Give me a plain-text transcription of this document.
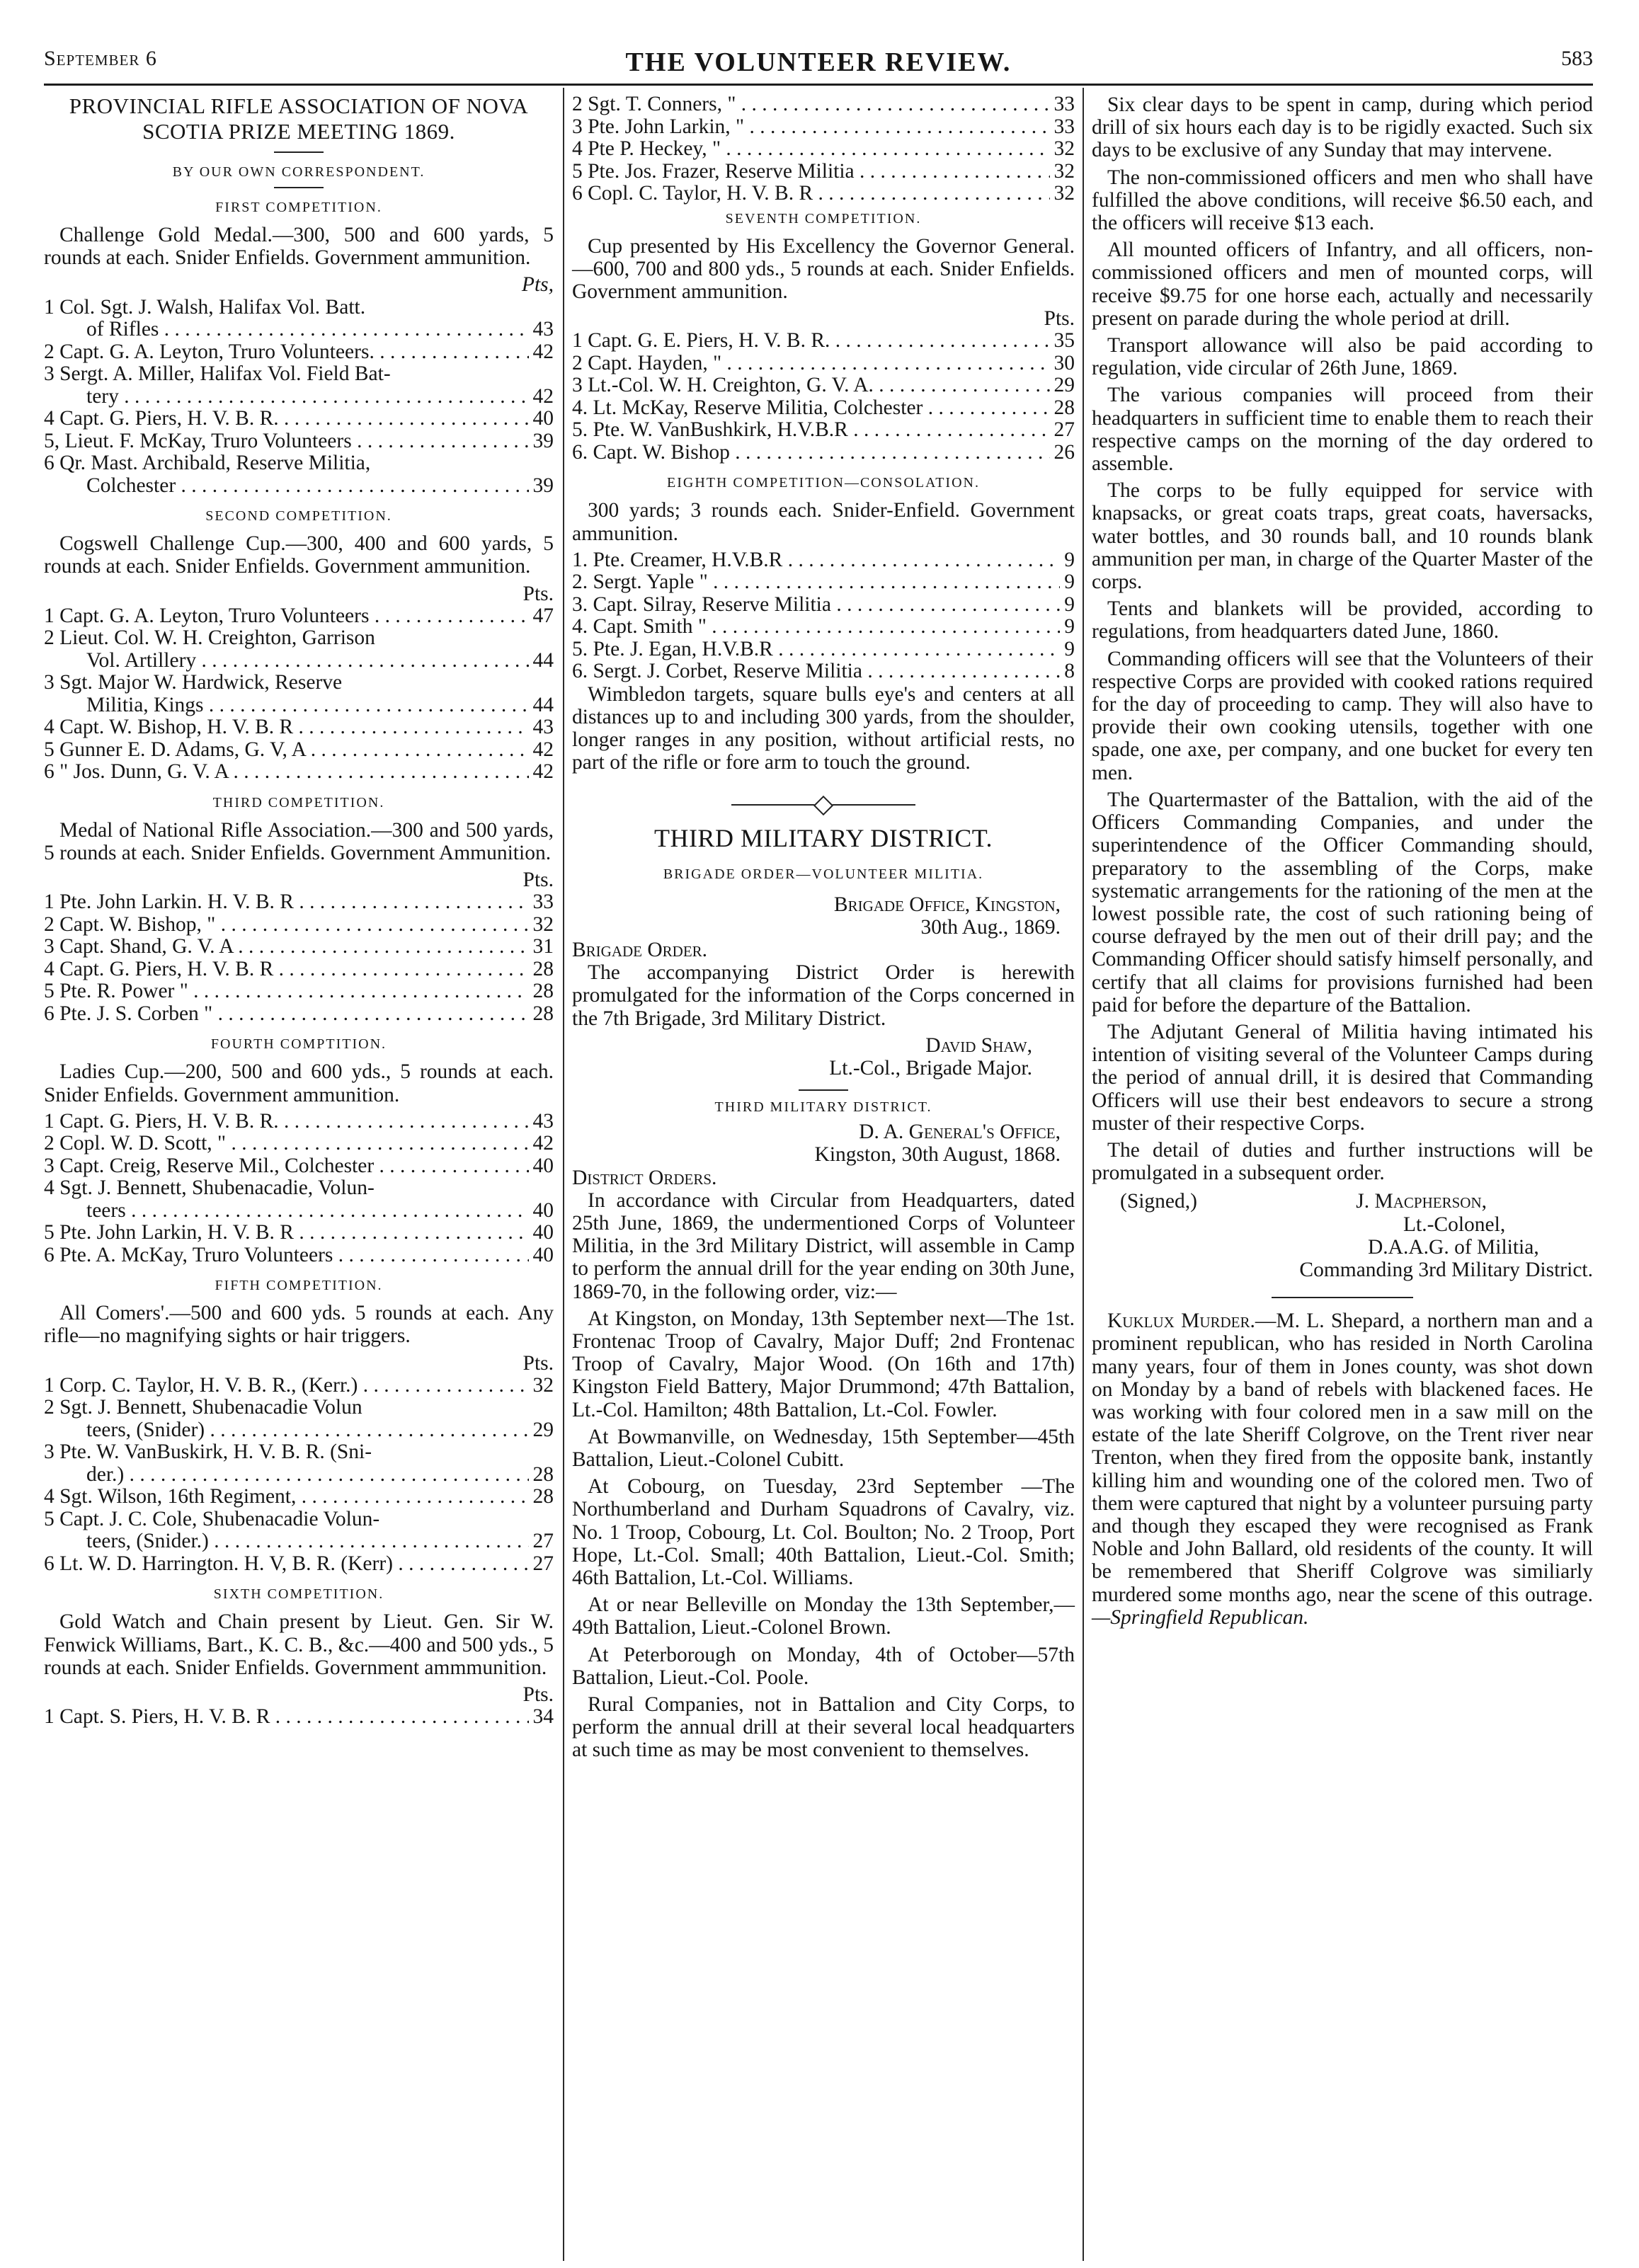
September 6	THE VOLUNTEER REVIEW.	583
PROVINCIAL RIFLE ASSOCIATION OF NOVA SCOTIA PRIZE MEETING 1869.
BY OUR OWN CORRESPONDENT.
FIRST COMPETITION.

Challenge Gold Medal.—300, 500 and 600 yards, 5 rounds at each. Snider Enfields. Government ammunition.

Pts,
1 Col. Sgt. J. Walsh, Halifax Vol. Batt.
of Rifles . . .	43
2 Capt. G. A. Leyton, Truro Volunteers. . . .	42
3 Sergt. A. Miller, Halifax Vol. Field Bat-
tery . . .	42
4 Capt. G. Piers, H. V. B. R. . . .	40
5, Lieut. F. McKay, Truro Volunteers . . .	39
6 Qr. Mast. Archibald, Reserve Militia,
Colchester . . .	39
SECOND COMPETITION.

Cogswell Challenge Cup.—300, 400 and 600 yards, 5 rounds at each. Snider Enfields. Government ammunition.

Pts.
1 Capt. G. A. Leyton, Truro Volunteers . . .	47
2 Lieut. Col. W. H. Creighton, Garrison
Vol. Artillery . . .	44
3 Sgt. Major W. Hardwick, Reserve
Militia, Kings . . .	44
4 Capt. W. Bishop, H. V. B. R . . .	43
5 Gunner E. D. Adams, G. V, A . . .	42
6 " Jos. Dunn, G. V. A . . .	42
THIRD COMPETITION.

Medal of National Rifle Association.—300 and 500 yards, 5 rounds at each. Snider Enfields. Government Ammunition.

Pts.
1 Pte. John Larkin. H. V. B. R . . .	33
2 Capt. W. Bishop, " . . .	32
3 Capt. Shand, G. V. A . . .	31
4 Capt. G. Piers, H. V. B. R . . .	28
5 Pte. R. Power " . . .	28
6 Pte. J. S. Corben " . . .	28
FOURTH COMPTITION.

Ladies Cup.—200, 500 and 600 yds., 5 rounds at each. Snider Enfields. Government ammunition.

1 Capt. G. Piers, H. V. B. R. . . .	43
2 Copl. W. D. Scott, " . . .	42
3 Capt. Creig, Reserve Mil., Colchester . . .	40
4 Sgt. J. Bennett, Shubenacadie, Volun-
teers . . .	40
5 Pte. John Larkin, H. V. B. R . . .	40
6 Pte. A. McKay, Truro Volunteers . . .	40
FIFTH COMPETITION.

All Comers'.—500 and 600 yds. 5 rounds at each. Any rifle—no magnifying sights or hair triggers.

Pts.
1 Corp. C. Taylor, H. V. B. R., (Kerr.) . . .	32
2 Sgt. J. Bennett, Shubenacadie Volun
teers, (Snider) . . .	29
3 Pte. W. VanBuskirk, H. V. B. R. (Sni-
der.) . . .	28
4 Sgt. Wilson, 16th Regiment, . . .	28
5 Capt. J. C. Cole, Shubenacadie Volun-
teers, (Snider.) . . .	27
6 Lt. W. D. Harrington. H. V, B. R. (Kerr) . . .	27
SIXTH COMPETITION.

Gold Watch and Chain present by Lieut. Gen. Sir W. Fenwick Williams, Bart., K. C. B., &c.—400 and 500 yds., 5 rounds at each. Snider Enfields. Government ammmunition.

Pts.
1 Capt. S. Piers, H. V. B. R . . .	34
2 Sgt. T. Conners, " . . .	33
3 Pte. John Larkin, " . . .	33
4 Pte P. Heckey, " . . .	32
5 Pte. Jos. Frazer, Reserve Militia . . .	32
6 Copl. C. Taylor, H. V. B. R . . .	32
SEVENTH COMPETITION.

Cup presented by His Excellency the Governor General.—600, 700 and 800 yds., 5 rounds at each. Snider Enfields. Government ammunition.

Pts.
1 Capt. G. E. Piers, H. V. B. R. . . .	35
2 Capt. Hayden, " . . .	30
3 Lt.-Col. W. H. Creighton, G. V. A. . . .	29
4. Lt. McKay, Reserve Militia, Colchester . . .	28
5. Pte. W. VanBushkirk, H.V.B.R . . .	27
6. Capt. W. Bishop . . .	26
EIGHTH COMPETITION—CONSOLATION.

300 yards; 3 rounds each. Snider-Enfield. Government ammunition.

1. Pte. Creamer, H.V.B.R . . .	9
2. Sergt. Yaple " . . .	9
3. Capt. Silray, Reserve Militia . . .	9
4. Capt. Smith " . . .	9
5. Pte. J. Egan, H.V.B.R . . .	9
6. Sergt. J. Corbet, Reserve Militia . . .	8

Wimbledon targets, square bulls eye's and centers at all distances up to and including 300 yards, from the shoulder, longer ranges in any position, without artificial rests, no part of the rifle or fore arm to touch the ground.

THIRD MILITARY DISTRICT.
BRIGADE ORDER—VOLUNTEER MILITIA.
Brigade Office, Kingston,
30th Aug., 1869.
Brigade Order.

The accompanying District Order is herewith promulgated for the information of the Corps concerned in the 7th Brigade, 3rd Military District.

David Shaw,
Lt.-Col., Brigade Major.
THIRD MILITARY DISTRICT.
D. A. General's Office,
Kingston, 30th August, 1868.
District Orders.

In accordance with Circular from Headquarters, dated 25th June, 1869, the undermentioned Corps of Volunteer Militia, in the 3rd Military District, will assemble in Camp to perform the annual drill for the year ending on 30th June, 1869-70, in the following order, viz:—

At Kingston, on Monday, 13th September next—The 1st. Frontenac Troop of Cavalry, Major Duff; 2nd Frontenac Troop of Cavalry, Major Wood. (On 16th and 17th) Kingston Field Battery, Major Drummond; 47th Battalion, Lt.-Col. Hamilton; 48th Battalion, Lt.-Col. Fowler.

At Bowmanville, on Wednesday, 15th September—45th Battalion, Lieut.-Colonel Cubitt.

At Cobourg, on Tuesday, 23rd September —The Northumberland and Durham Squadrons of Cavalry, viz. No. 1 Troop, Cobourg, Lt. Col. Boulton; No. 2 Troop, Port Hope, Lt.-Col. Small; 40th Battalion, Lieut.-Col. Smith; 46th Battalion, Lt.-Col. Williams.

At or near Belleville on Monday the 13th September,—49th Battalion, Lieut.-Colonel Brown.

At Peterborough on Monday, 4th of October—57th Battalion, Lieut.-Col. Poole.

Rural Companies, not in Battalion and City Corps, to perform the annual drill at their several local headquarters at such time as may be most convenient to themselves.

Six clear days to be spent in camp, during which period drill of six hours each day is to be rigidly exacted. Such six days to be exclusive of any Sunday that may intervene.

The non-commissioned officers and men who shall have fulfilled the above conditions, will receive $6.50 each, and the officers will receive $13 each.

All mounted officers of Infantry, and all officers, non-commissioned officers and men of mounted corps, will receive $9.75 for one horse each, actually and necessarily present on parade during the whole period at drill.

Transport allowance will also be paid according to regulation, vide circular of 26th June, 1869.

The various companies will proceed from their headquarters in sufficient time to enable them to reach their respective camps on the morning of the day ordered to assemble.

The corps to be fully equipped for service with knapsacks, or great coats traps, great coats, haversacks, water bottles, and 30 rounds ball, and 10 rounds blank ammunition per man, in charge of the Quarter Master of the corps.

Tents and blankets will be provided, according to regulations, from headquarters dated June, 1860.

Commanding officers will see that the Volunteers of their respective Corps are provided with cooked rations required for the day of proceeding to camp. They will also have to provide their own cooking utensils, together with one spade, one axe, per company, and one bucket for every ten men.

The Quartermaster of the Battalion, with the aid of the Officers Commanding Companies, and under the superintendence of the Officer Commanding should, preparatory to the assembling of the Corps, make systematic arrangements for the rationing of the men at the lowest possible rate, the cost of such rationing being of course defrayed by the men out of their drill pay; and the Commanding Officer should satisfy himself personally, and certify that all claims for provisions furnished had been paid for before the departure of the Battalion.

The Adjutant General of Militia having intimated his intention of visiting several of the Volunteer Camps during the period of annual drill, it is desired that Commanding Officers will use their best endeavors to secure a strong muster of their respective Corps.

The detail of duties and further instructions will be promulgated in a subsequent order.

(Signed,)	J. Macpherson,
Lt.-Colonel,
D.A.A.G. of Militia,
Commanding 3rd Military District.

Kuklux Murder.—M. L. Shepard, a northern man and a prominent republican, who has resided in North Carolina many years, four of them in Jones county, was shot down on Monday by a band of rebels with blackened faces. He was working with four colored men in a saw mill on the estate of the late Sheriff Colgrove, on the Trent river near Trenton, when they fired from the opposite bank, instantly killing him and wounding one of the colored men. Two of them were captured that night by a volunteer pursuing party and though they escaped they were recognised as Frank Noble and John Ballard, old residents of the county. It will be remembered that Sheriff Colgrove was similiarly murdered some months ago, near the scene of this outrage.—Springfield Republican.
